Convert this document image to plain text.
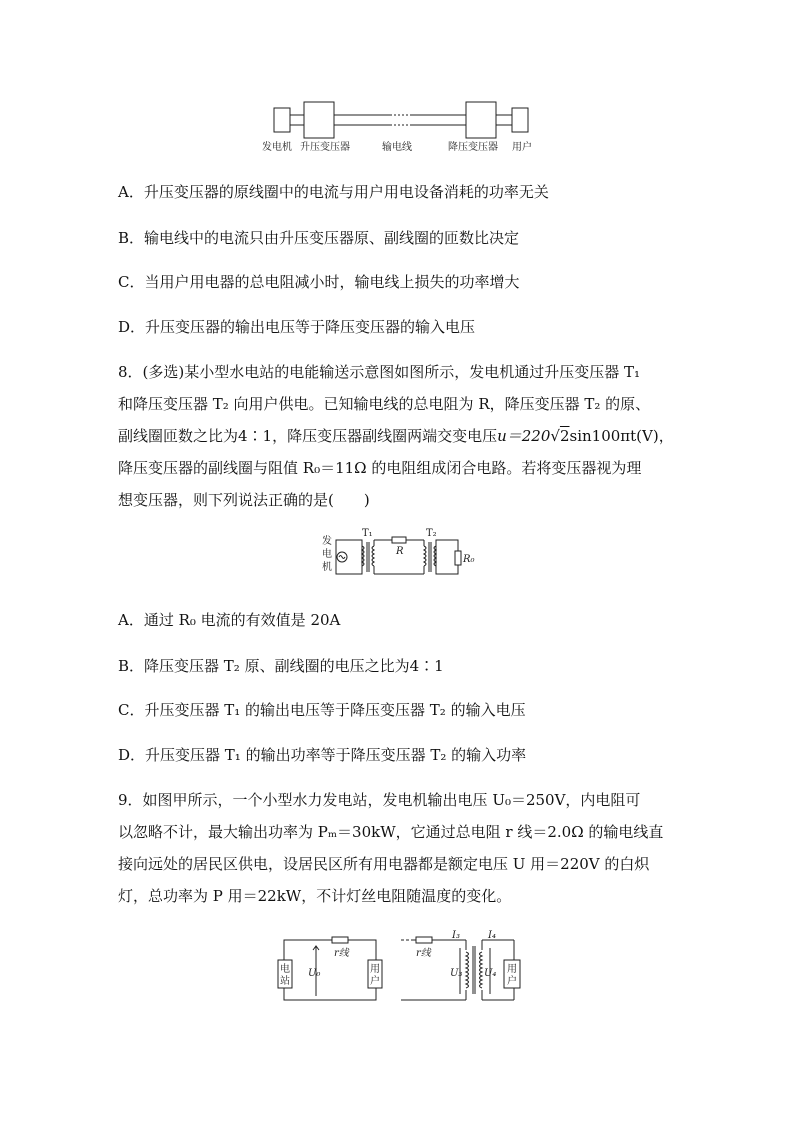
发电机 升压变压器	输电线	降压变压器 用户
A．升压变压器的原线圈中的电流与用户用电设备消耗的功率无关
B．输电线中的电流只由升压变压器原、副线圈的匝数比决定
C．当用户用电器的总电阻减小时，输电线上损失的功率增大
D．升压变压器的输出电压等于降压变压器的输入电压
8．(多选)某小型水电站的电能输送示意图如图所示，发电机通过升压变压器 T₁
和降压变压器 T₂ 向用户供电。已知输电线的总电阻为 R，降压变压器 T₂ 的原、
副线圈匝数之比为4∶1，降压变压器副线圈两端交变电压u＝220√2sin100πt(V)，
降压变压器的副线圈与阻值 R₀＝11Ω 的电阻组成闭合电路。若将变压器视为理
想变压器，则下列说法正确的是(　　)
发
电
机
T₁
R
T₂
R₀
A．通过 R₀ 电流的有效值是 20A
B．降压变压器 T₂ 原、副线圈的电压之比为4∶1
C．升压变压器 T₁ 的输出电压等于降压变压器 T₂ 的输入电压
D．升压变压器 T₁ 的输出功率等于降压变压器 T₂ 的输入功率
9．如图甲所示，一个小型水力发电站，发电机输出电压 U₀＝250V，内电阻可
以忽略不计，最大输出功率为 Pₘ＝30kW，它通过总电阻 r 线＝2.0Ω 的输电线直
接向远处的居民区供电，设居民区所有用电器都是额定电压 U 用＝220V 的白炽
灯，总功率为 P 用＝22kW，不计灯丝电阻随温度的变化。
电
站
r线
U₀	用
户
r线
I₃	I₄
U₃ U₄ 用
户
